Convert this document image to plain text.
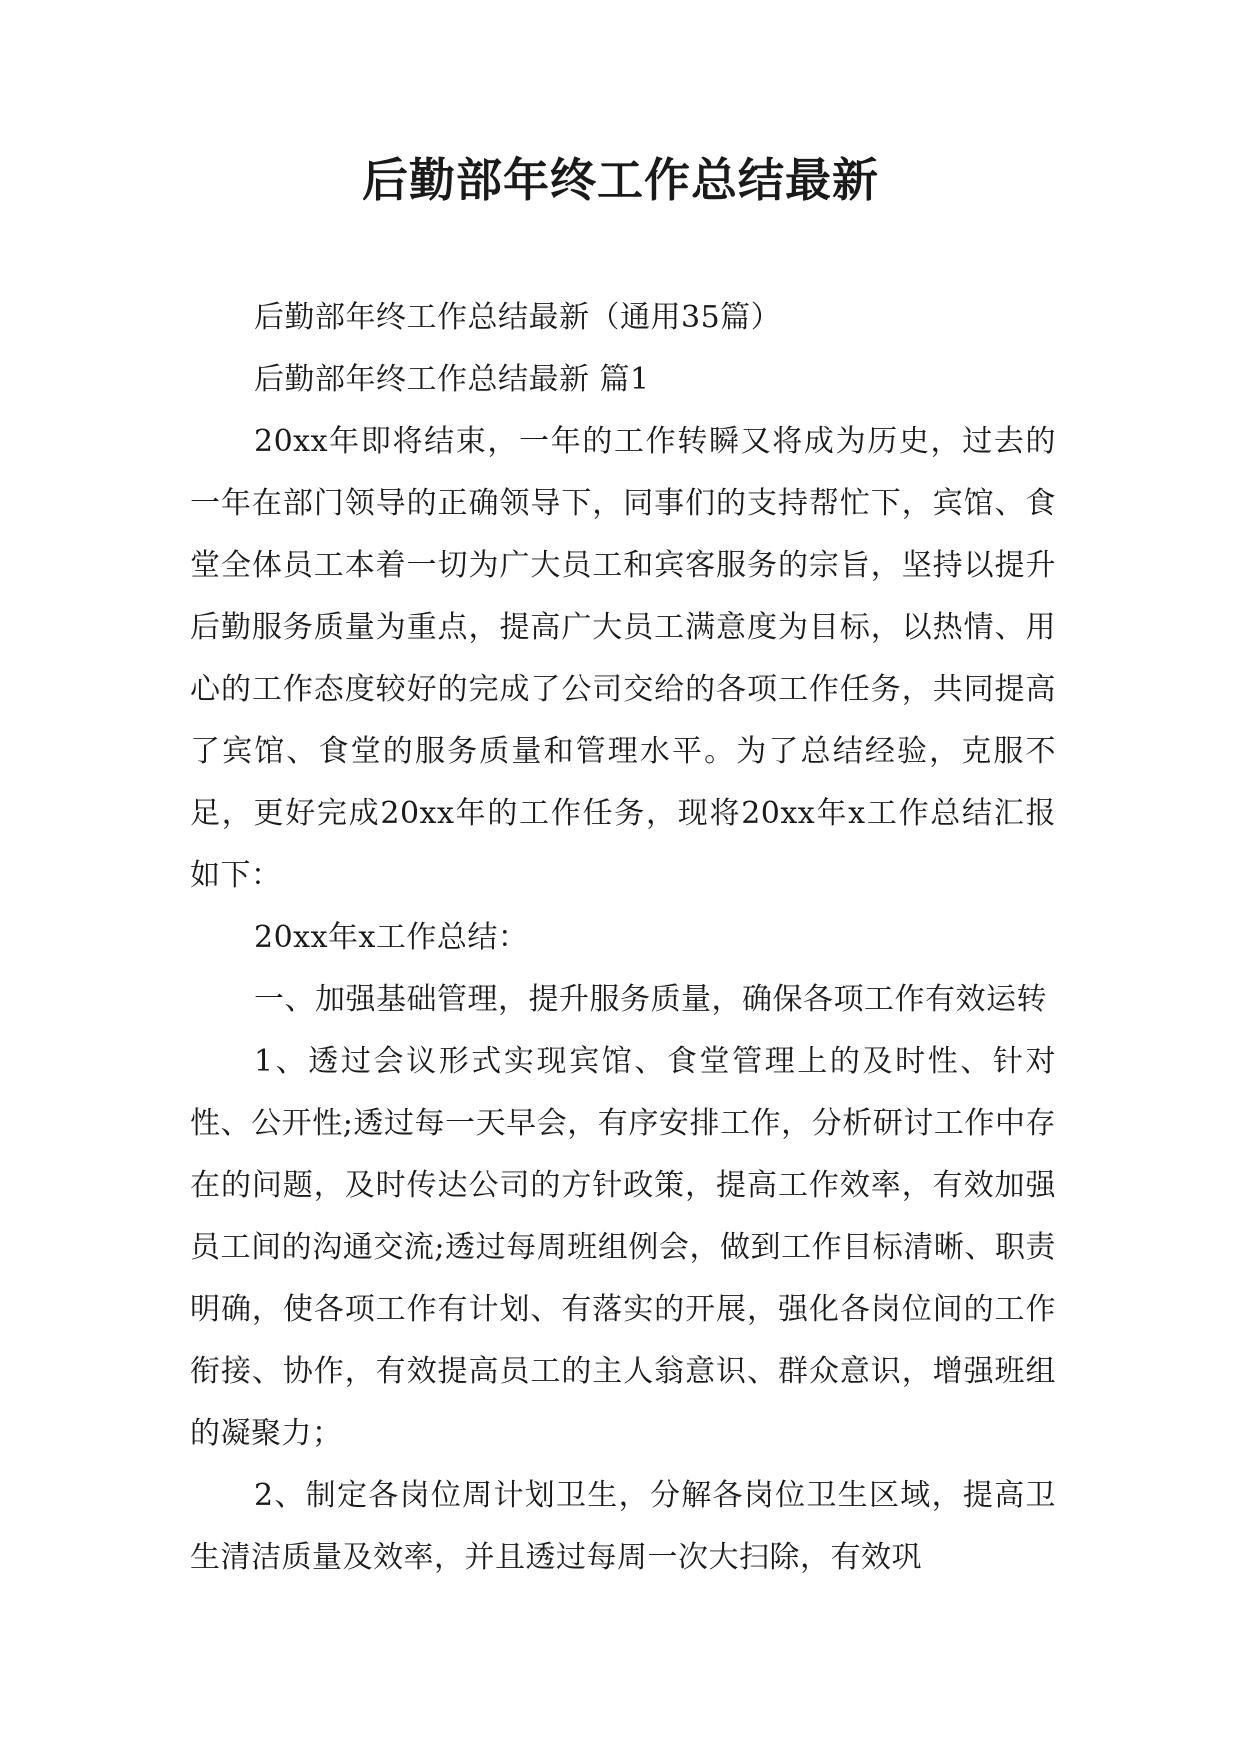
后勤部年终工作总结最新

后勤部年终工作总结最新（通用35篇）

后勤部年终工作总结最新 篇1

20xx年即将结束，一年的工作转瞬又将成为历史，过去的一年在部门领导的正确领导下，同事们的支持帮忙下，宾馆、食堂全体员工本着一切为广大员工和宾客服务的宗旨，坚持以提升后勤服务质量为重点，提高广大员工满意度为目标，以热情、用心的工作态度较好的完成了公司交给的各项工作任务，共同提高了宾馆、食堂的服务质量和管理水平。为了总结经验，克服不足，更好完成20xx年的工作任务，现将20xx年x工作总结汇报如下：

20xx年x工作总结：

一、加强基础管理，提升服务质量，确保各项工作有效运转

1、透过会议形式实现宾馆、食堂管理上的及时性、针对性、公开性;透过每一天早会，有序安排工作，分析研讨工作中存在的问题，及时传达公司的方针政策，提高工作效率，有效加强员工间的沟通交流;透过每周班组例会，做到工作目标清晰、职责明确，使各项工作有计划、有落实的开展，强化各岗位间的工作衔接、协作，有效提高员工的主人翁意识、群众意识，增强班组的凝聚力；

2、制定各岗位周计划卫生，分解各岗位卫生区域，提高卫生清洁质量及效率，并且透过每周一次大扫除，有效巩
